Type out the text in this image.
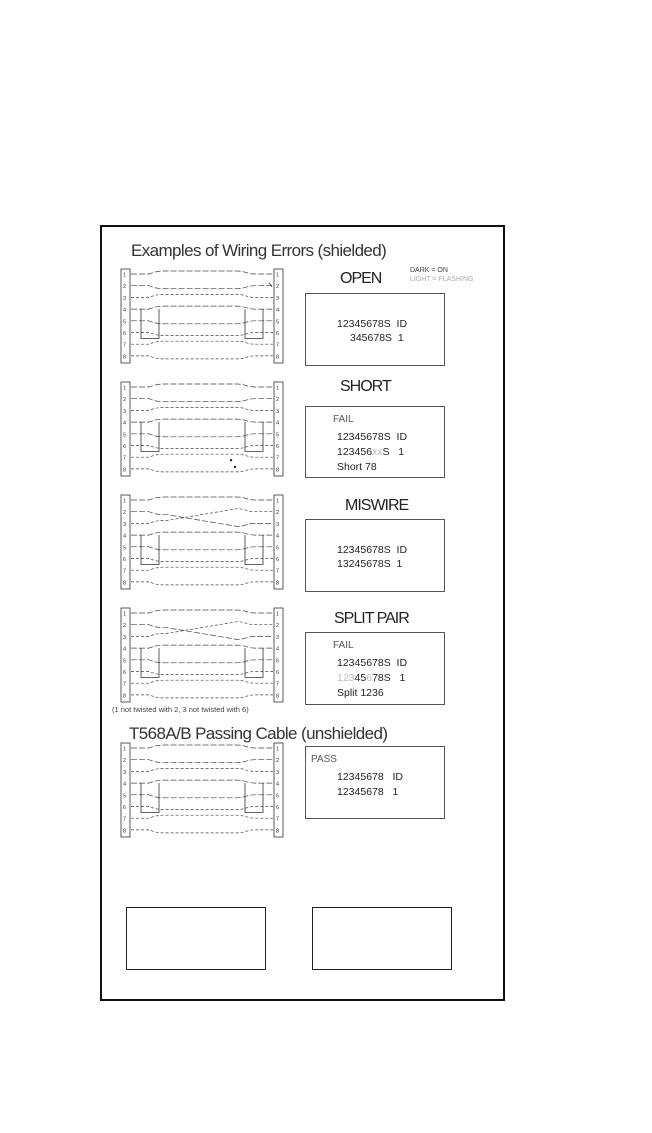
Examples of Wiring Errors (shielded)
DARK = ON
LIGHT = FLASHING
1	1
2	2
3	3
4	4
5	5
6	6
7	7
8	8
1	1
2	2
3	3
4	4
5	5
6	6
7	7
8	8
1	1
2	2
3	3
4	4
5	5
6	6
7	7
8	8
1	1
2	2
3	3
4	4
5	5
6	6
7	7
8	8
1	1
2	2
3	3
4	4
5	5
6	6
7	7
8	8
OPEN
12345678S  ID
345678S  1
SHORT
FAIL
12345678S  ID
123456xxS   1
Short 78
MISWIRE
12345678S  ID
13245678S  1
SPLIT PAIR
FAIL
12345678S  ID
12345678S   1
Split 1236
(1 not twisted with 2, 3 not twisted with 6)
T568A/B Passing Cable (unshielded)
PASS
12345678   ID
12345678   1
